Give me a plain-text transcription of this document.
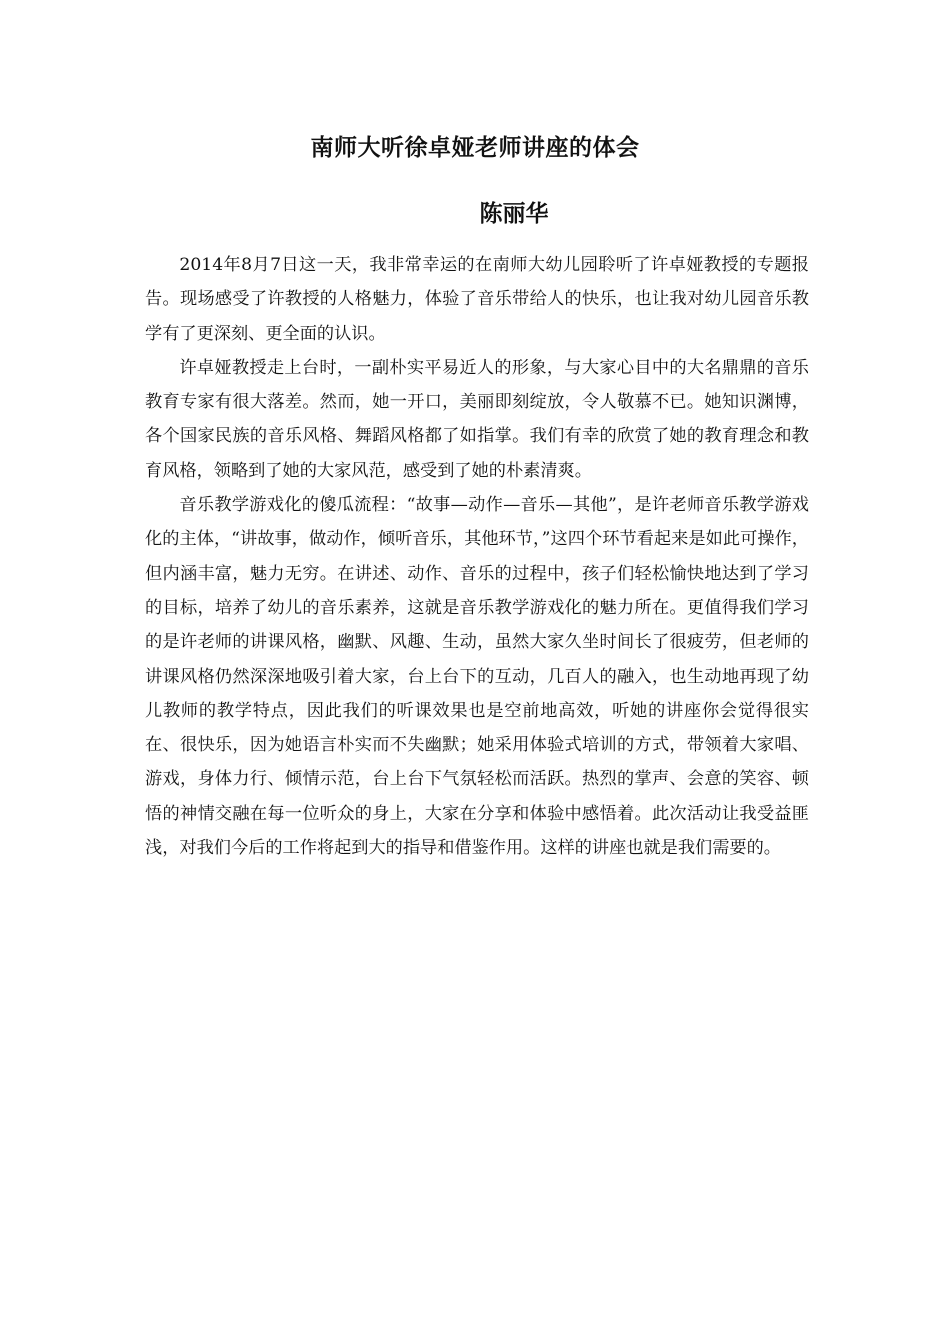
南师大听徐卓娅老师讲座的体会
陈丽华

2014年8月7日这一天，我非常幸运的在南师大幼儿园聆听了许卓娅教授的专题报告。现场感受了许教授的人格魅力，体验了音乐带给人的快乐，也让我对幼儿园音乐教学有了更深刻、更全面的认识。

许卓娅教授走上台时，一副朴实平易近人的形象，与大家心目中的大名鼎鼎的音乐教育专家有很大落差。然而，她一开口，美丽即刻绽放，令人敬慕不已。她知识渊博，各个国家民族的音乐风格、舞蹈风格都了如指掌。我们有幸的欣赏了她的教育理念和教育风格，领略到了她的大家风范，感受到了她的朴素清爽。

音乐教学游戏化的傻瓜流程：“故事—动作—音乐—其他”，是许老师音乐教学游戏化的主体，“讲故事，做动作，倾听音乐，其他环节，”这四个环节看起来是如此可操作，但内涵丰富，魅力无穷。在讲述、动作、音乐的过程中，孩子们轻松愉快地达到了学习的目标，培养了幼儿的音乐素养，这就是音乐教学游戏化的魅力所在。更值得我们学习的是许老师的讲课风格，幽默、风趣、生动，虽然大家久坐时间长了很疲劳，但老师的讲课风格仍然深深地吸引着大家，台上台下的互动，几百人的融入，也生动地再现了幼儿教师的教学特点，因此我们的听课效果也是空前地高效，听她的讲座你会觉得很实在、很快乐，因为她语言朴实而不失幽默；她采用体验式培训的方式，带领着大家唱、游戏，身体力行、倾情示范，台上台下气氛轻松而活跃。热烈的掌声、会意的笑容、顿悟的神情交融在每一位听众的身上，大家在分享和体验中感悟着。此次活动让我受益匪浅，对我们今后的工作将起到大的指导和借鉴作用。这样的讲座也就是我们需要的。
